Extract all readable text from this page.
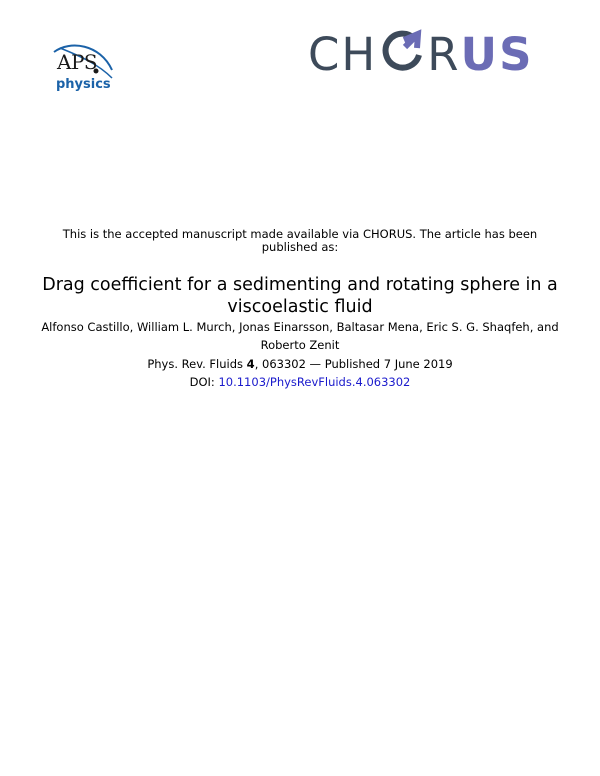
APS
physics
CH RUS
This is the accepted manuscript made available via CHORUS. The article has been published as:
Drag coefficient for a sedimenting and rotating sphere in a viscoelastic fluid
Alfonso Castillo, William L. Murch, Jonas Einarsson, Baltasar Mena, Eric S. G. Shaqfeh, and Roberto Zenit
Phys. Rev. Fluids 4, 063302 — Published 7 June 2019
DOI: 10.1103/PhysRevFluids.4.063302
